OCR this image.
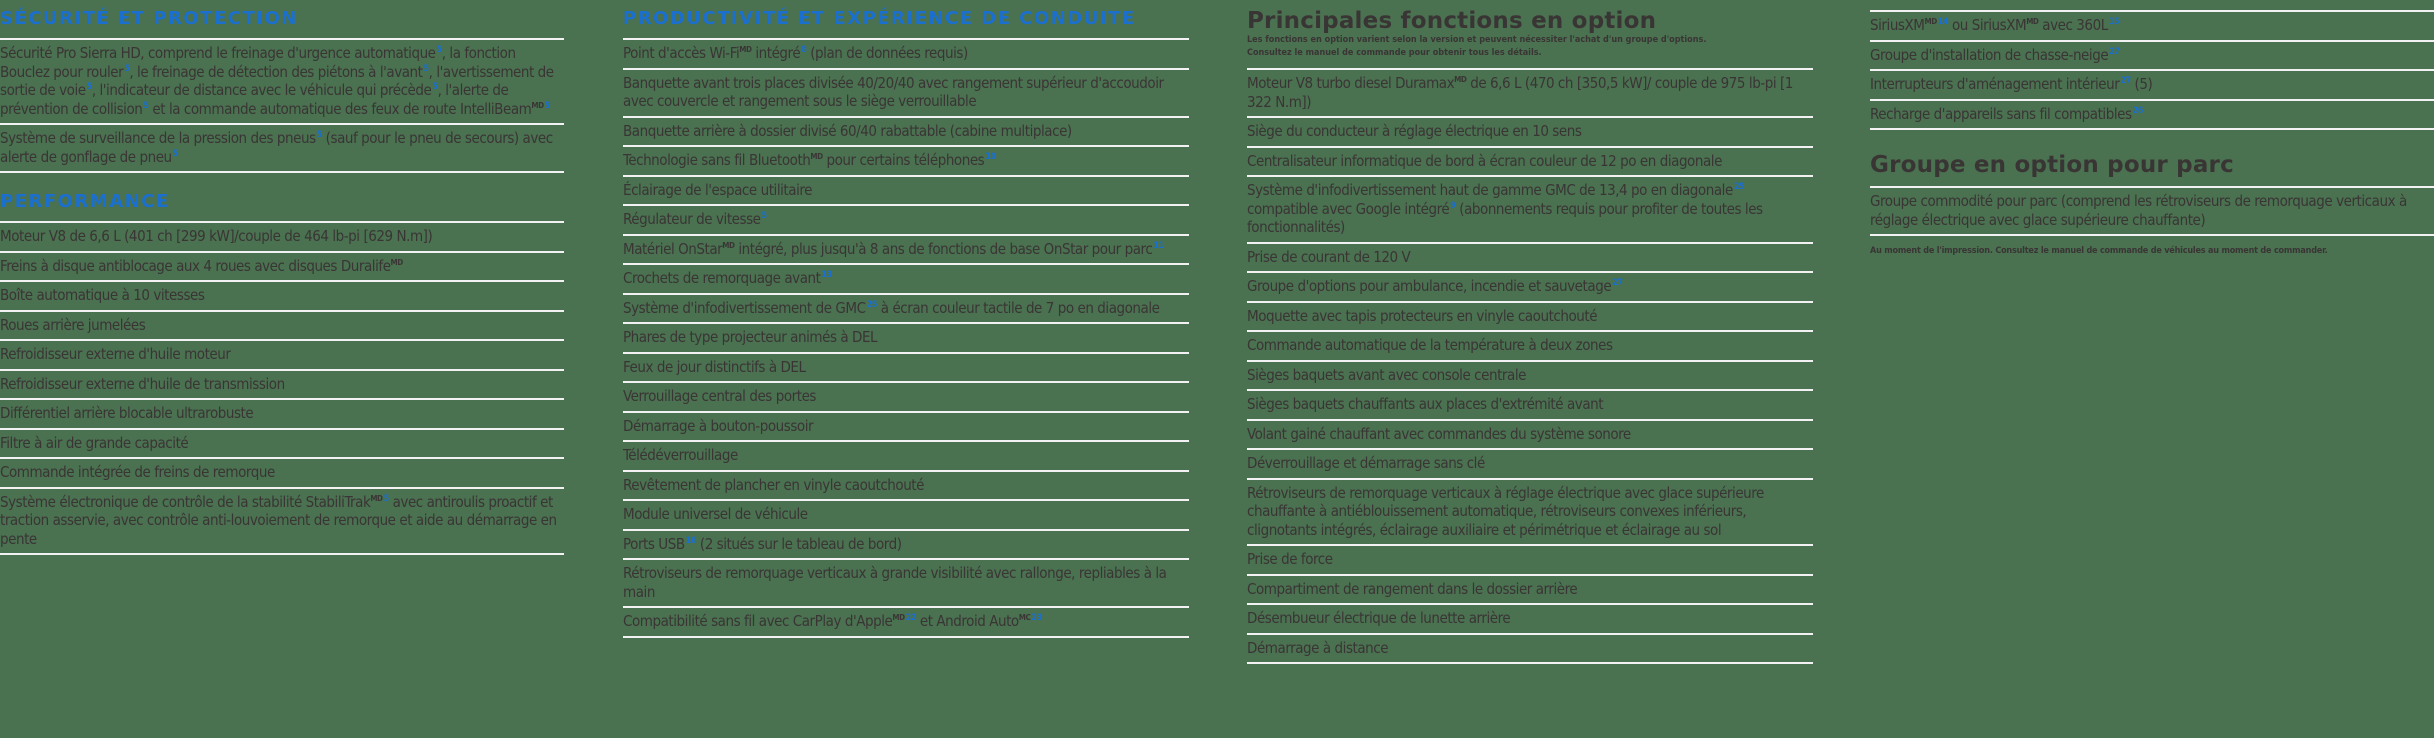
SÉCURITÉ ET PROTECTION
Sécurité Pro Sierra HD, comprend le freinage d'urgence automatique$^5$, la fonction Bouclez pour rouler$^5$, le freinage de détection des piétons à l'avant$^5$, l'avertissement de sortie de voie$^5$, l'indicateur de distance avec le véhicule qui précède$^5$, l'alerte de prévention de collision$^5$ et la commande automatique des feux de route IntelliBeam$^{MD5}$
Système de surveillance de la pression des pneus$^5$ (sauf pour le pneu de secours) avec alerte de gonflage de pneu$^5$
PERFORMANCE
Moteur V8 de 6,6 L (401 ch [299 kW]/couple de 464 lb-pi [629 N.m])
Freins à disque antiblocage aux 4 roues avec disques Duralife$^{MD}$
Boîte automatique à 10 vitesses
Roues arrière jumelées
Refroidisseur externe d'huile moteur
Refroidisseur externe d'huile de transmission
Différentiel arrière blocable ultrarobuste
Filtre à air de grande capacité
Commande intégrée de freins de remorque
Système électronique de contrôle de la stabilité StabiliTrak$^{MD5}$ avec antiroulis proactif et traction asservie, avec contrôle anti-louvoiement de remorque et aide au démarrage en pente
PRODUCTIVITÉ ET EXPÉRIENCE DE CONDUITE
Point d'accès $Wi-Fi^{MD}$ intégré$^8$ (plan de données requis)
Banquette avant trois places divisée 40/20/40 avec rangement supérieur d'accoudoir avec couvercle et rangement sous le siège verrouillable
Banquette arrière à dossier divisé 60/40 rabattable (cabine multiplace)
Technologie sans fil Bluetooth$^{MD}$ pour certains téléphones$^{10}$
Éclairage de l'espace utilitaire
Régulateur de vitesse$^5$
Matériel OnStar$^{MD}$ intégré, plus jusqu'à 8 ans de fonctions de base OnStar pour parc$^{11}$
Crochets de remorquage avant$^{13}$
Système d'infodivertissement de GMC$^{25}$ à écran couleur tactile de 7 po en diagonale
Phares de type projecteur animés à DEL
Feux de jour distinctifs à DEL
Verrouillage central des portes
Démarrage à bouton-poussoir
Télédéverrouillage
Revêtement de plancher en vinyle caoutchouté
Module universel de véhicule
Ports USB$^{16}$ (2 situés sur le tableau de bord)
Rétroviseurs de remorquage verticaux à grande visibilité avec rallonge, repliables à la main
Compatibilité sans fil avec CarPlay d'Apple$^{MD22}$ et Android Auto$^{MC23}$
Principales fonctions en option
Les fonctions en option varient selon la version et peuvent nécessiter l'achat d'un groupe d'options.
Consultez le manuel de commande pour obtenir tous les détails.
Moteur V8 turbo diesel Duramax$^{MD}$ de 6,6 L (470 ch [350,5 kW]/ couple de 975 lb-pi [1 322 N.m])
Siège du conducteur à réglage électrique en 10 sens
Centralisateur informatique de bord à écran couleur de 12 po en diagonale
Système d'infodivertissement haut de gamme GMC de 13,4 po en diagonale$^{25}$ compatible avec Google intégré$^9$ (abonnements requis pour profiter de toutes les fonctionnalités)
Prise de courant de 120 V
Groupe d'options pour ambulance, incendie et sauvetage$^{27}$
Moquette avec tapis protecteurs en vinyle caoutchouté
Commande automatique de la température à deux zones
Sièges baquets avant avec console centrale
Sièges baquets chauffants aux places d'extrémité avant
Volant gainé chauffant avec commandes du système sonore
Déverrouillage et démarrage sans clé
Rétroviseurs de remorquage verticaux à réglage électrique avec glace supérieure chauffante à antiéblouissement automatique, rétroviseurs convexes inférieurs, clignotants intégrés, éclairage auxiliaire et périmétrique et éclairage au sol
Prise de force
Compartiment de rangement dans le dossier arrière
Désembueur électrique de lunette arrière
Démarrage à distance
SiriusXM$^{MD14}$ ou SiriusXM$^{MD}$ avec 360L$^{15}$
Groupe d'installation de chasse-neige$^{27}$
Interrupteurs d'aménagement intérieur$^{27}$ (5)
Recharge d'appareils sans fil compatibles$^{26}$
Groupe en option pour parc
Groupe commodité pour parc (comprend les rétroviseurs de remorquage verticaux à réglage électrique avec glace supérieure chauffante)
Au moment de l'impression. Consultez le manuel de commande de véhicules au moment de commander.
